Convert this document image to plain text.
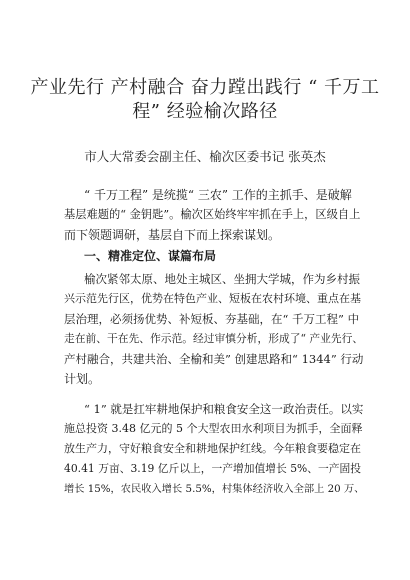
产业先行 产村融合 奋力蹚出践行 “ 千万工
程” 经验榆次路径
市人大常委会副主任、榆次区委书记 张英杰
“ 千万工程” 是统揽“ 三农” 工作的主抓手、是破解
基层难题的“ 金钥匙”。榆次区始终牢牢抓在手上，区级自上
而下领题调研，基层自下而上探索谋划。
一、精准定位、谋篇布局
榆次紧邻太原、地处主城区、坐拥大学城，作为乡村振
兴示范先行区，优势在特色产业、短板在农村环境、重点在基
层治理，必须扬优势、补短板、夯基础，在“ 千万工程” 中
走在前、干在先、作示范。经过审慎分析，形成了“ 产业先行、
产村融合，共建共治、全榆和美” 创建思路和“ 1344” 行动
计划。
“ 1” 就是扛牢耕地保护和粮食安全这一政治责任。以实
施总投资 3.48 亿元的 5 个大型农田水利项目为抓手，全面释
放生产力，守好粮食安全和耕地保护红线。今年粮食要稳定在
40.41 万亩、3.19 亿斤以上，一产增加值增长 5%、一产固投
增长 15%，农民收入增长 5.5%，村集体经济收入全部上 20 万、
